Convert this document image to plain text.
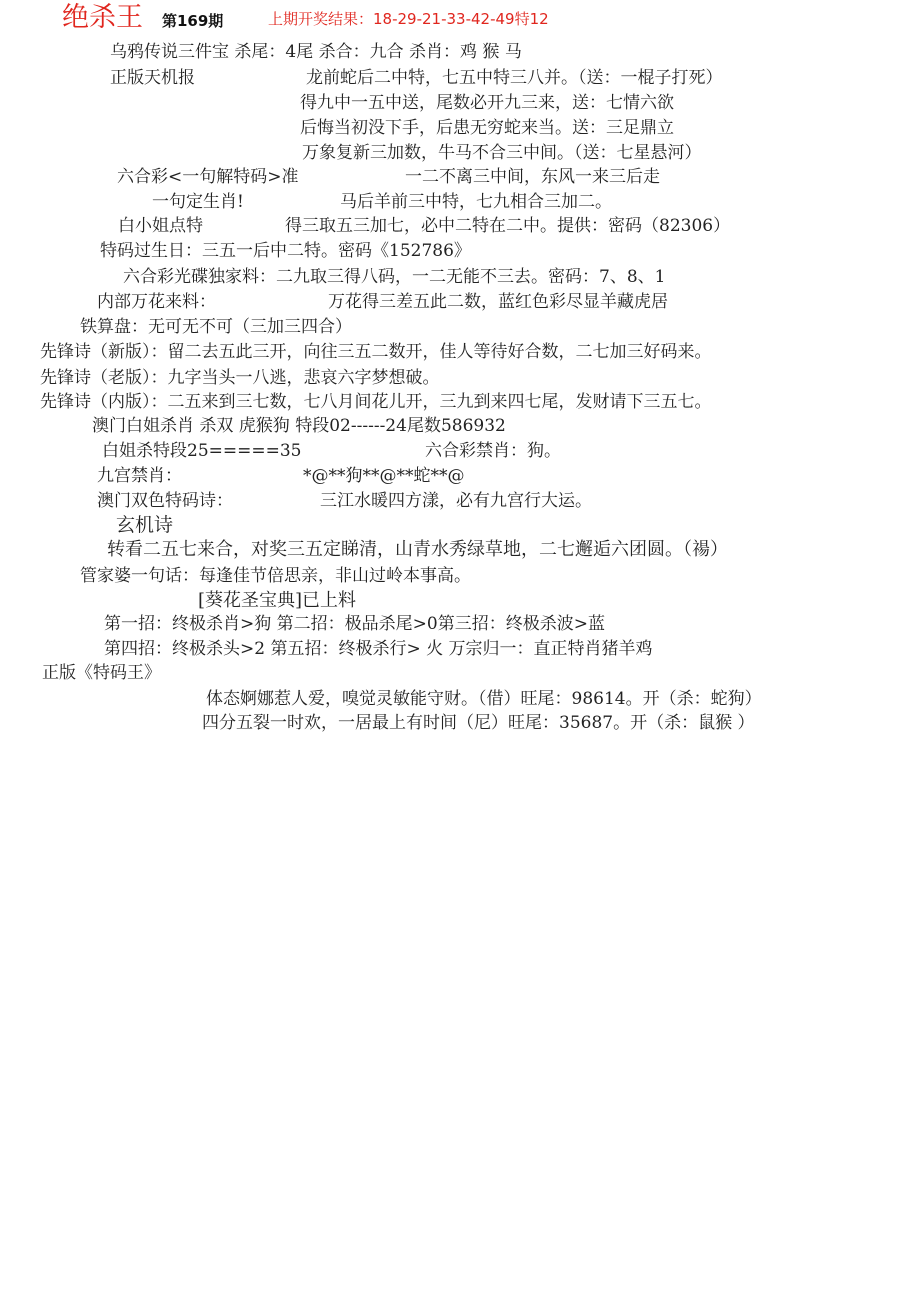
绝杀王 第169期	上期开奖结果：18-29-21-33-42-49特12
乌鸦传说三件宝 杀尾：4尾 杀合：九合 杀肖：鸡 猴 马
正版天机报	龙前蛇后二中特，七五中特三八并。（送：一棍子打死）
得九中一五中送，尾数必开九三来，送：七情六欲
后悔当初没下手，后患无穷蛇来当。送：三足鼎立
万象复新三加数，牛马不合三中间。（送：七星悬河）
六合彩<一句解特码>准	一二不离三中间，东风一来三后走
一句定生肖!	马后羊前三中特，七九相合三加二。
白小姐点特	得三取五三加七，必中二特在二中。提供：密码（82306）
特码过生日：三五一后中二特。密码《152786》
六合彩光碟独家料：二九取三得八码，一二无能不三去。密码：7、8、1
内部万花来料：	万花得三差五此二数，蓝红色彩尽显羊藏虎居
铁算盘：无可无不可（三加三四合）
先锋诗（新版）：留二去五此三开，向往三五二数开，佳人等待好合数，二七加三好码来。
先锋诗（老版）：九字当头一八逃，悲哀六字梦想破。
先锋诗（内版）：二五来到三七数，七八月间花儿开，三九到来四七尾，发财请下三五七。
澳门白姐杀肖 杀双 虎猴狗 特段02------24尾数586932
白姐杀特段25=====35	六合彩禁肖：狗。
九宫禁肖：	*@**狗**@**蛇**@
澳门双色特码诗：	三江水暖四方漾，必有九宫行大运。
玄机诗
转看二五七来合，对奖三五定睇清，山青水秀绿草地，二七邂逅六团圆。（禓）
管家婆一句话：每逢佳节倍思亲，非山过岭本事高。
[葵花圣宝典]已上料
第一招：终极杀肖>狗 第二招：极品杀尾>0第三招：终极杀波>蓝
第四招：终极杀头>2 第五招：终极杀行> 火 万宗归一：直正特肖猪羊鸡
正版《特码王》
体态婀娜惹人爱，嗅觉灵敏能守财。（借）旺尾：98614。开（杀：蛇狗）
四分五裂一时欢，一居最上有时间（尼）旺尾：35687。开（杀：鼠猴 ）
